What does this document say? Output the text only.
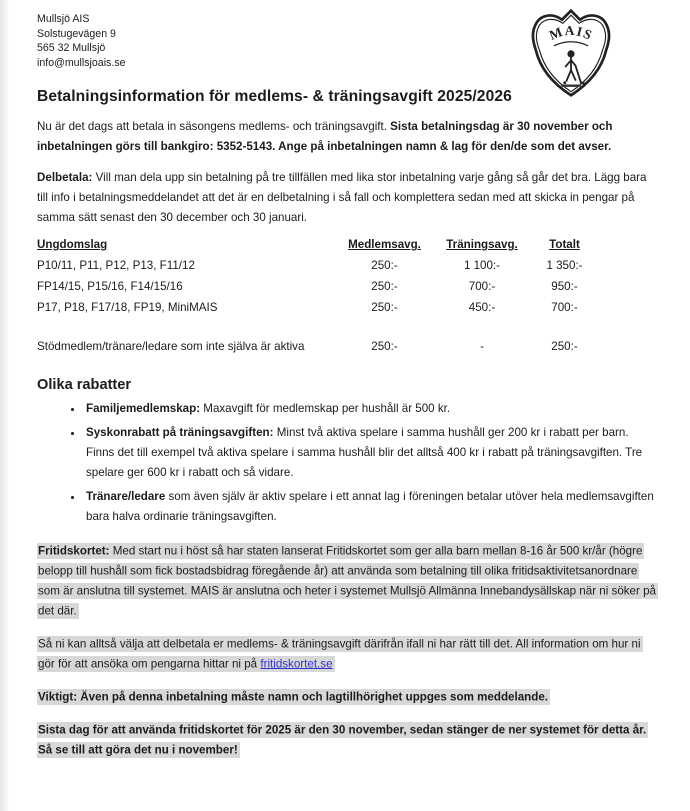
Mullsjö AIS
Solstugevägen 9
565 32 Mullsjö
info@mullsjoais.se
MAIS
Betalningsinformation för medlems- & träningsavgift 2025/2026

Nu är det dags att betala in säsongens medlems- och träningsavgift. Sista betalningsdag är 30 november och inbetalningen görs till bankgiro: 5352-5143. Ange på inbetalningen namn & lag för den/de som det avser.

Delbetala: Vill man dela upp sin betalning på tre tillfällen med lika stor inbetalning varje gång så går det bra. Lägg bara till info i betalningsmeddelandet att det är en delbetalning i så fall och komplettera sedan med att skicka in pengar på samma sätt senast den 30 december och 30 januari.

Ungdomslag	Medlemsavg.	Träningsavg.	Totalt
P10/11, P11, P12, P13, F11/12	250:-	1 100:-	1 350:-
FP14/15, P15/16, F14/15/16	250:-	700:-	950:-
P17, P18, F17/18, FP19, MiniMAIS	250:-	450:-	700:-

Stödmedlem/tränare/ledare som inte själva är aktiva	250:-	-	250:-
Olika rabatter
• Familjemedlemskap: Maxavgift för medlemskap per hushåll är 500 kr.
• Syskonrabatt på träningsavgiften: Minst två aktiva spelare i samma hushåll ger 200 kr i rabatt per barn. Finns det till exempel två aktiva spelare i samma hushåll blir det alltså 400 kr i rabatt på träningsavgiften. Tre spelare ger 600 kr i rabatt och så vidare.
• Tränare/ledare som även själv är aktiv spelare i ett annat lag i föreningen betalar utöver hela medlemsavgiften bara halva ordinarie träningsavgiften.

Fritidskortet: Med start nu i höst så har staten lanserat Fritidskortet som ger alla barn mellan 8-16 år 500 kr/år (högre belopp till hushåll som fick bostadsbidrag föregående år) att använda som betalning till olika fritidsaktivitetsanordnare som är anslutna till systemet. MAIS är anslutna och heter i systemet Mullsjö Allmänna Innebandysällskap när ni söker på det där.

Så ni kan alltså välja att delbetala er medlems- & träningsavgift därifrån ifall ni har rätt till det. All information om hur ni gör för att ansöka om pengarna hittar ni på fritidskortet.se

Viktigt: Även på denna inbetalning måste namn och lagtillhörighet uppges som meddelande.

Sista dag för att använda fritidskortet för 2025 är den 30 november, sedan stänger de ner systemet för detta år. Så se till att göra det nu i november!
